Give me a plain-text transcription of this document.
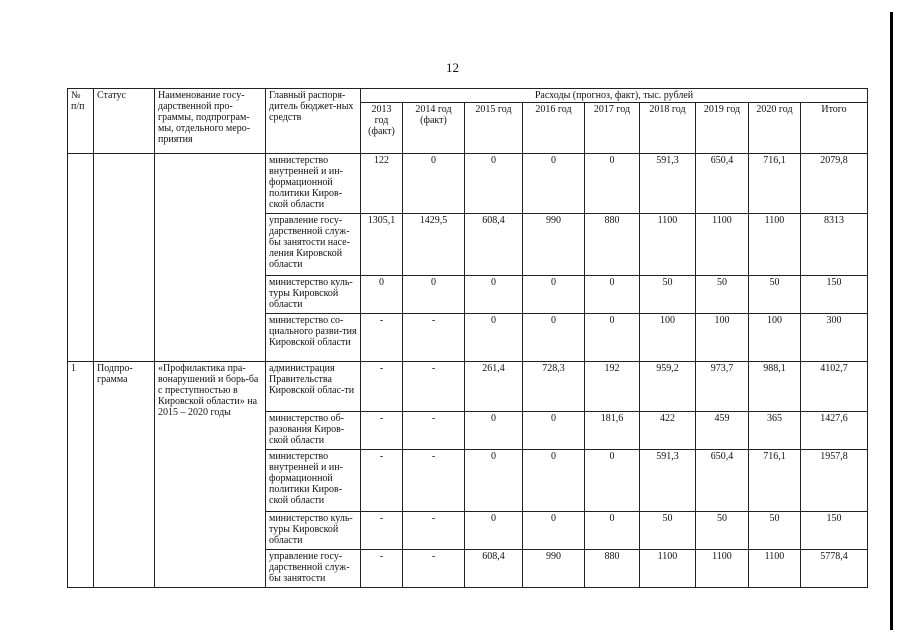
12
№ п/п	Статус	Наименование госу-дарственной про-граммы, подпрограм-мы, отдельного меро-приятия	Главный распоря-дитель бюджет-ных средств	Расходы (прогноз, факт), тыс. рублей								
				2013 год (факт)	2014 год (факт)	2015 год	2016 год	2017 год	2018 год	2019 год	2020 год	Итого
			министерство внутренней и ин-формационной политики Киров-ской области	122	0	0	0	0	591,3	650,4	716,1	2079,8
			управление госу-дарственной служ-бы занятости насе-ления Кировской области	1305,1	1429,5	608,4	990	880	1100	1100	1100	8313
			министерство куль-туры Кировской области	0	0	0	0	0	50	50	50	150
			министерство со-циального разви-тия Кировской области	-	-	0	0	0	100	100	100	300
1	Подпро-грамма	«Профилактика пра-вонарушений и борь-ба с преступностью в Кировской области» на 2015 – 2020 годы	администрация Правительства Кировской облас-ти	-	-	261,4	728,3	192	959,2	973,7	988,1	4102,7
			министерство об-разования Киров-ской области	-	-	0	0	181,6	422	459	365	1427,6
			министерство внутренней и ин-формационной политики Киров-ской области	-	-	0	0	0	591,3	650,4	716,1	1957,8
			министерство куль-туры Кировской области	-	-	0	0	0	50	50	50	150
			управление госу-дарственной служ-бы занятости	-	-	608,4	990	880	1100	1100	1100	5778,4
